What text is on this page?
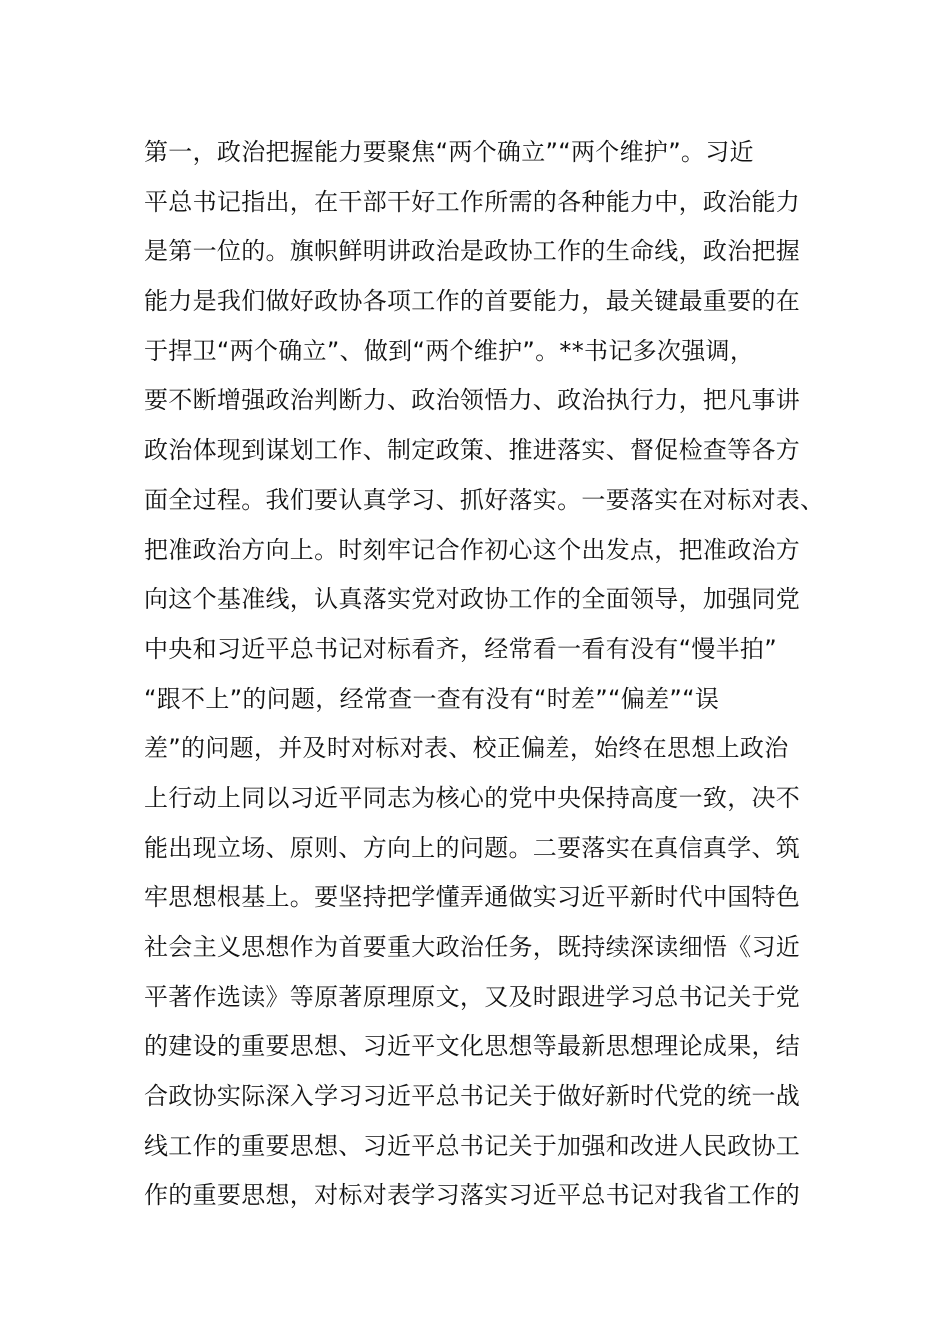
第一，政治把握能力要聚焦“两个确立”“两个维护”。习近
平总书记指出，在干部干好工作所需的各种能力中，政治能力
是第一位的。旗帜鲜明讲政治是政协工作的生命线，政治把握
能力是我们做好政协各项工作的首要能力，最关键最重要的在
于捍卫“两个确立”、做到“两个维护”。**书记多次强调，
要不断增强政治判断力、政治领悟力、政治执行力，把凡事讲
政治体现到谋划工作、制定政策、推进落实、督促检查等各方
面全过程。我们要认真学习、抓好落实。一要落实在对标对表、
把准政治方向上。时刻牢记合作初心这个出发点，把准政治方
向这个基准线，认真落实党对政协工作的全面领导，加强同党
中央和习近平总书记对标看齐，经常看一看有没有“慢半拍”
“跟不上”的问题，经常查一查有没有“时差”“偏差”“误
差”的问题，并及时对标对表、校正偏差，始终在思想上政治
上行动上同以习近平同志为核心的党中央保持高度一致，决不
能出现立场、原则、方向上的问题。二要落实在真信真学、筑
牢思想根基上。要坚持把学懂弄通做实习近平新时代中国特色
社会主义思想作为首要重大政治任务，既持续深读细悟《习近
平著作选读》等原著原理原文，又及时跟进学习总书记关于党
的建设的重要思想、习近平文化思想等最新思想理论成果，结
合政协实际深入学习习近平总书记关于做好新时代党的统一战
线工作的重要思想、习近平总书记关于加强和改进人民政协工
作的重要思想，对标对表学习落实习近平总书记对我省工作的
